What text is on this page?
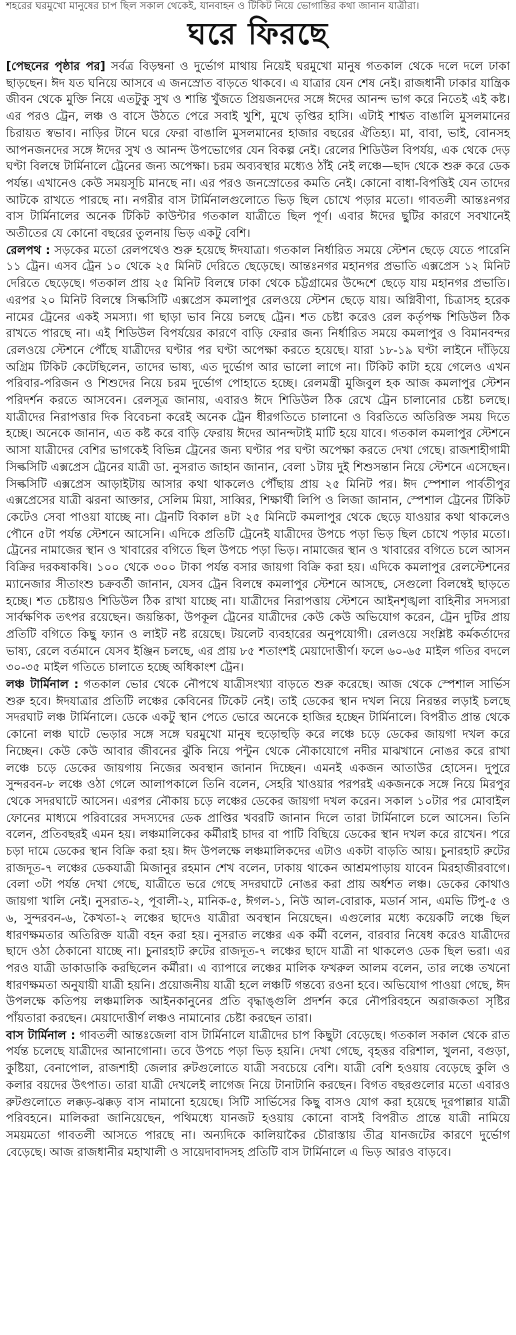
শহরের ঘরমুখো মানুষের চাপ ছিল সকাল থেকেই, যানবাহন ও টিকিট নিয়ে ভোগান্তির কথা জানান যাত্রীরা।
ঘরে ফিরছে

[পেছনের পৃষ্ঠার পর] সর্বত্র বিড়ম্বনা ও দুর্ভোগ মাথায় নিয়েই ঘরমুখো মানুষ গতকাল থেকে দলে দলে ঢাকা ছাড়ছেন। ঈদ যত ঘনিয়ে আসবে এ জনস্রোত বাড়তে থাকবে। এ যাত্রার যেন শেষ নেই। রাজধানী ঢাকার যান্ত্রিক জীবন থেকে মুক্তি নিয়ে এতটুকু সুখ ও শান্তি খুঁজতে প্রিয়জনদের সঙ্গে ঈদের আনন্দ ভাগ করে নিতেই এই কষ্ট। এর পরও ট্রেন, লঞ্চ ও বাসে উঠতে পেরে সবাই খুশি, মুখে তৃপ্তির হাসি। এটাই শাশ্বত বাঙালি মুসলমানের চিরায়ত স্বভাব। নাড়ির টানে ঘরে ফেরা বাঙালি মুসলমানের হাজার বছরের ঐতিহ্য। মা, বাবা, ভাই, বোনসহ আপনজনদের সঙ্গে ঈদের সুখ ও আনন্দ উপভোগের যেন বিকল্প নেই। রেলের শিডিউল বিপর্যয়, এক থেকে দেড় ঘণ্টা বিলম্বে টার্মিনালে ট্রেনের জন্য অপেক্ষা। চরম অব্যবস্থার মধ্যেও ঠাঁই নেই লঞ্চে—ছাদ থেকে শুরু করে ডেক পর্যন্ত। এখানেও কেউ সময়সূচি মানছে না। এর পরও জনস্রোতের কমতি নেই। কোনো বাধা-বিপত্তিই যেন তাদের আটকে রাখতে পারছে না। নগরীর বাস টার্মিনালগুলোতে ভিড় ছিল চোখে পড়ার মতো। গাবতলী আন্তঃনগর বাস টার্মিনালের অনেক টিকিট কাউন্টার গতকাল যাত্রীতে ছিল পূর্ণ। এবার ঈদের ছুটির কারণে সবখানেই অতীতের যে কোনো বছরের তুলনায় ভিড় একটু বেশি।

রেলপথ : সড়কের মতো রেলপথেও শুরু হয়েছে ঈদযাত্রা। গতকাল নির্ধারিত সময়ে স্টেশন ছেড়ে যেতে পারেনি ১১ ট্রেন। এসব ট্রেন ১০ থেকে ২৫ মিনিট দেরিতে ছেড়েছে। আন্তঃনগর মহানগর প্রভাতি এক্সপ্রেস ১২ মিনিট দেরিতে ছেড়েছে। গতকাল প্রায় ২৫ মিনিট বিলম্বে ঢাকা থেকে চট্টগ্রামের উদ্দেশে ছেড়ে যায় মহানগর প্রভাতি। এরপর ২০ মিনিট বিলম্বে সিল্কসিটি এক্সপ্রেস কমলাপুর রেলওয়ে স্টেশন ছেড়ে যায়। অগ্নিবীণা, চিত্রাসহ হরেক নামের ট্রেনের একই সমস্যা। গা ছাড়া ভাব নিয়ে চলছে ট্রেন। শত চেষ্টা করেও রেল কর্তৃপক্ষ শিডিউল ঠিক রাখতে পারছে না। এই শিডিউল বিপর্যয়ের কারণে বাড়ি ফেরার জন্য নির্ধারিত সময়ে কমলাপুর ও বিমানবন্দর রেলওয়ে স্টেশনে পৌঁছে যাত্রীদের ঘণ্টার পর ঘণ্টা অপেক্ষা করতে হয়েছে। যারা ১৮-১৯ ঘণ্টা লাইনে দাঁড়িয়ে অগ্রিম টিকিট কেটেছিলেন, তাদের ভাষ্য, এত দুর্ভোগ আর ভালো লাগে না। টিকিট কাটা হয়ে গেলেও এখন পরিবার-পরিজন ও শিশুদের নিয়ে চরম দুর্ভোগ পোহাতে হচ্ছে। রেলমন্ত্রী মুজিবুল হক আজ কমলাপুর স্টেশন পরিদর্শন করতে আসবেন। রেলসূত্র জানায়, এবারও ঈদে শিডিউল ঠিক রেখে ট্রেন চালানোর চেষ্টা চলছে। যাত্রীদের নিরাপত্তার দিক বিবেচনা করেই অনেক ট্রেন ধীরগতিতে চালানো ও বিরতিতে অতিরিক্ত সময় দিতে হচ্ছে। অনেকে জানান, এত কষ্ট করে বাড়ি ফেরায় ঈদের আনন্দটাই মাটি হয়ে যাবে। গতকাল কমলাপুর স্টেশনে আসা যাত্রীদের বেশির ভাগকেই বিভিন্ন ট্রেনের জন্য ঘণ্টার পর ঘণ্টা অপেক্ষা করতে দেখা গেছে। রাজশাহীগামী সিল্কসিটি এক্সপ্রেস ট্রেনের যাত্রী ডা. নুসরাত জাহান জানান, বেলা ১টায় দুই শিশুসন্তান নিয়ে স্টেশনে এসেছেন। সিল্কসিটি এক্সপ্রেস আড়াইটায় আসার কথা থাকলেও পৌঁছায় প্রায় ২৫ মিনিট পর। ঈদ স্পেশাল পার্বতীপুর এক্সপ্রেসের যাত্রী ঝরনা আক্তার, সেলিম মিয়া, সাব্বির, শিক্ষার্থী লিপি ও লিজা জানান, স্পেশাল ট্রেনের টিকিট কেটেও সেবা পাওয়া যাচ্ছে না। ট্রেনটি বিকাল ৪টা ২৫ মিনিটে কমলাপুর থেকে ছেড়ে যাওয়ার কথা থাকলেও পৌনে ৫টা পর্যন্ত স্টেশনে আসেনি। এদিকে প্রতিটি ট্রেনেই যাত্রীদের উপচে পড়া ভিড় ছিল চোখে পড়ার মতো। ট্রেনের নামাজের স্থান ও খাবারের বগিতে ছিল উপচে পড়া ভিড়। নামাজের স্থান ও খাবারের বগিতে চলে আসন বিক্রির দরকষাকষি। ১০০ থেকে ৩০০ টাকা পর্যন্ত বসার জায়গা বিক্রি করা হয়। এদিকে কমলাপুর রেলস্টেশনের ম্যানেজার সীতাংশু চক্রবর্তী জানান, যেসব ট্রেন বিলম্বে কমলাপুর স্টেশনে আসছে, সেগুলো বিলম্বেই ছাড়তে হচ্ছে। শত চেষ্টায়ও শিডিউল ঠিক রাখা যাচ্ছে না। যাত্রীদের নিরাপত্তায় স্টেশনে আইনশৃঙ্খলা বাহিনীর সদস্যরা সার্বক্ষণিক তৎপর রয়েছেন। জয়ন্তিকা, উপকূল ট্রেনের যাত্রীদের কেউ কেউ অভিযোগ করেন, ট্রেন দুটির প্রায় প্রতিটি বগিতে কিছু ফ্যান ও লাইট নষ্ট রয়েছে। টয়লেট ব্যবহারের অনুপযোগী। রেলওয়ে সংশ্লিষ্ট কর্মকর্তাদের ভাষ্য, রেলে বর্তমানে যেসব ইঞ্জিন চলছে, এর প্রায় ৮৫ শতাংশই মেয়াদোত্তীর্ণ। ফলে ৬০-৬৫ মাইল গতির বদলে ৩০-৩৫ মাইল গতিতে চালাতে হচ্ছে অধিকাংশ ট্রেন।

লঞ্চ টার্মিনাল : গতকাল ভোর থেকে নৌপথে যাত্রীসংখ্যা বাড়তে শুরু করেছে। আজ থেকে স্পেশাল সার্ভিস শুরু হবে। ঈদযাত্রার প্রতিটি লঞ্চের কেবিনের টিকেট নেই। তাই ডেকের স্থান দখল নিয়ে নিরন্তর লড়াই চলছে সদরঘাট লঞ্চ টার্মিনালে। ডেকে একটু স্থান পেতে ভোরে অনেকে হাজির হচ্ছেন টার্মিনালে। বিপরীত প্রান্ত থেকে কোনো লঞ্চ ঘাটে ভেড়ার সঙ্গে সঙ্গে ঘরমুখো মানুষ হুড়োহুড়ি করে লঞ্চে চড়ে ডেকের জায়গা দখল করে নিচ্ছেন। কেউ কেউ আবার জীবনের ঝুঁকি নিয়ে পন্টুন থেকে নৌকাযোগে নদীর মাঝখানে নোঙর করে রাখা লঞ্চে চড়ে ডেকের জায়গায় নিজের অবস্থান জানান দিচ্ছেন। এমনই একজন আতাউর হোসেন। দুপুরে সুন্দরবন-৮ লঞ্চে ওঠা গেলে আলাপকালে তিনি বলেন, সেহরি খাওয়ার পরপরই একজনকে সঙ্গে নিয়ে মিরপুর থেকে সদরঘাটে আসেন। এরপর নৌকায় চড়ে লঞ্চের ডেকের জায়গা দখল করেন। সকাল ১০টার পর মোবাইল ফোনের মাধ্যমে পরিবারের সদস্যদের ডেক প্রাপ্তির খবরটি জানান দিলে তারা টার্মিনালে চলে আসেন। তিনি বলেন, প্রতিবছরই এমন হয়। লঞ্চমালিকের কর্মীরাই চাদর বা পাটি বিছিয়ে ডেকের স্থান দখল করে রাখেন। পরে চড়া দামে ডেকের স্থান বিক্রি করা হয়। ঈদ উপলক্ষে লঞ্চমালিকদের এটাও একটা বাড়তি আয়। চুনারহাট রুটের রাজদূত-৭ লঞ্চের ডেকযাত্রী মিজানুর রহমান শেখ বলেন, ঢাকায় থাকেন আশ্রমপাড়ায় যাবেন মিরহাজীরবাগে। বেলা ৩টা পর্যন্ত দেখা গেছে, যাত্রীতে ভরে গেছে সদরঘাটে নোঙর করা প্রায় অর্ধশত লঞ্চ। ডেকের কোথাও জায়গা খালি নেই। নুসরাত-২, পূবালী-২, মানিক-৫, ঈগল-১, নিউ আল-বোরাক, মডার্ন সান, এমভি টিপু-৫ ও ৬, সুন্দরবন-৬, কৈখতা-২ লঞ্চের ছাদেও যাত্রীরা অবস্থান নিয়েছেন। এগুলোর মধ্যে কয়েকটি লঞ্চে ছিল ধারণক্ষমতার অতিরিক্ত যাত্রী বহন করা হয়। নুসরাত লঞ্চের এক কর্মী বলেন, বারবার নিষেধ করেও যাত্রীদের ছাদে ওঠা ঠেকানো যাচ্ছে না। চুনারহাট রুটের রাজদূত-৭ লঞ্চের ছাদে যাত্রী না থাকলেও ডেক ছিল ভরা। এর পরও যাত্রী ডাকাডাকি করছিলেন কর্মীরা। এ ব্যাপারে লঞ্চের মালিক ফখরুল আলম বলেন, তার লঞ্চে তখনো ধারণক্ষমতা অনুযায়ী যাত্রী হয়নি। প্রয়োজনীয় যাত্রী হলে লঞ্চটি গন্তব্যে রওনা হবে। অভিযোগ পাওয়া গেছে, ঈদ উপলক্ষে কতিপয় লঞ্চমালিক আইনকানুনের প্রতি বৃদ্ধাঙ্গুলি প্রদর্শন করে নৌপরিবহনে অরাজকতা সৃষ্টির পাঁয়তারা করছেন। মেয়াদোত্তীর্ণ লঞ্চও নামানোর চেষ্টা করছেন তারা।

বাস টার্মিনাল : গাবতলী আন্তঃজেলা বাস টার্মিনালে যাত্রীদের চাপ কিছুটা বেড়েছে। গতকাল সকাল থেকে রাত পর্যন্ত চলেছে যাত্রীদের আনাগোনা। তবে উপচে পড়া ভিড় হয়নি। দেখা গেছে, বৃহত্তর বরিশাল, খুলনা, বগুড়া, কুষ্টিয়া, বেনাপোল, রাজশাহী জেলার রুটগুলোতে যাত্রী সবচেয়ে বেশি। যাত্রী বেশি হওয়ায় বেড়েছে কুলি ও কলার বয়দের উৎপাত। তারা যাত্রী দেখলেই লাগেজ নিয়ে টানাটানি করছেন। বিগত বছরগুলোর মতো এবারও রুটগুলোতে লক্কড়-ঝক্কড় বাস নামানো হয়েছে। সিটি সার্ভিসের কিছু বাসও যোগ করা হয়েছে দূরপাল্লার যাত্রী পরিবহনে। মালিকরা জানিয়েছেন, পথিমধ্যে যানজট হওয়ায় কোনো বাসই বিপরীত প্রান্তে যাত্রী নামিয়ে সময়মতো গাবতলী আসতে পারছে না। অন্যদিকে কালিয়াকৈর চৌরাস্তায় তীব্র যানজটের কারণে দুর্ভোগ বেড়েছে। আজ রাজধানীর মহাখালী ও সায়েদাবাদসহ প্রতিটি বাস টার্মিনালে এ ভিড় আরও বাড়বে।
